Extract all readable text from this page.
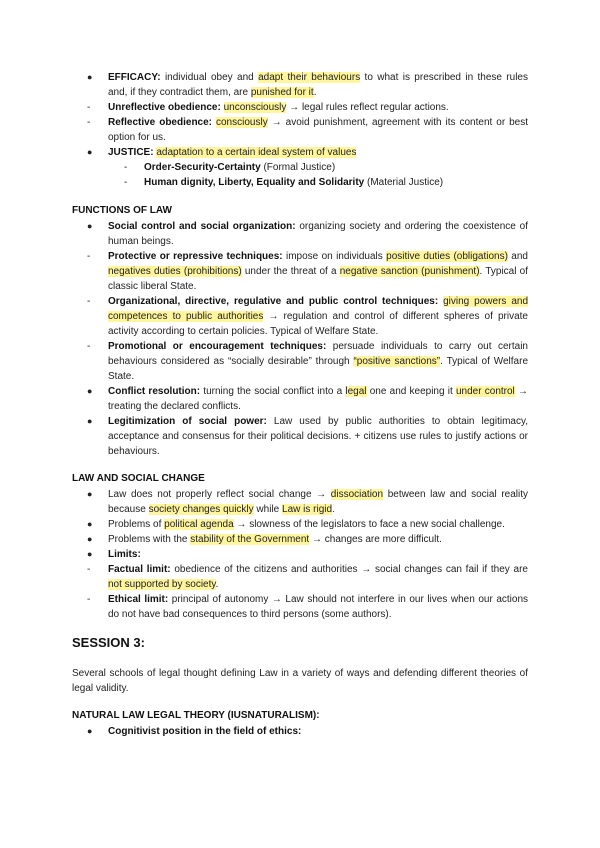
●	EFFICACY: individual obey and adapt their behaviours to what is prescribed in these rules and, if they contradict them, are punished for it.
-	Unreflective obedience: unconsciously → legal rules reflect regular actions.
-	Reflective obedience: consciously → avoid punishment, agreement with its content or best option for us.
●	JUSTICE: adaptation to a certain ideal system of values
-	Order-Security-Certainty (Formal Justice)
-	Human dignity, Liberty, Equality and Solidarity (Material Justice)
FUNCTIONS OF LAW
●	Social control and social organization: organizing society and ordering the coexistence of human beings.
-	Protective or repressive techniques: impose on individuals positive duties (obligations) and negatives duties (prohibitions) under the threat of a negative sanction (punishment). Typical of classic liberal State.
-	Organizational, directive, regulative and public control techniques: giving powers and competences to public authorities → regulation and control of different spheres of private activity according to certain policies. Typical of Welfare State.
-	Promotional or encouragement techniques: persuade individuals to carry out certain behaviours considered as “socially desirable” through “positive sanctions”. Typical of Welfare State.
●	Conflict resolution: turning the social conflict into a legal one and keeping it under control → treating the declared conflicts.
●	Legitimization of social power: Law used by public authorities to obtain legitimacy, acceptance and consensus for their political decisions. + citizens use rules to justify actions or behaviours.
LAW AND SOCIAL CHANGE
●	Law does not properly reflect social change → dissociation between law and social reality because society changes quickly while Law is rigid.
●	Problems of political agenda → slowness of the legislators to face a new social challenge.
●	Problems with the stability of the Government → changes are more difficult.
●	Limits:
-	Factual limit: obedience of the citizens and authorities → social changes can fail if they are not supported by society.
-	Ethical limit: principal of autonomy → Law should not interfere in our lives when our actions do not have bad consequences to third persons (some authors).
SESSION 3:
Several schools of legal thought defining Law in a variety of ways and defending different theories of legal validity.
NATURAL LAW LEGAL THEORY (IUSNATURALISM):
●	Cognitivist position in the field of ethics:
